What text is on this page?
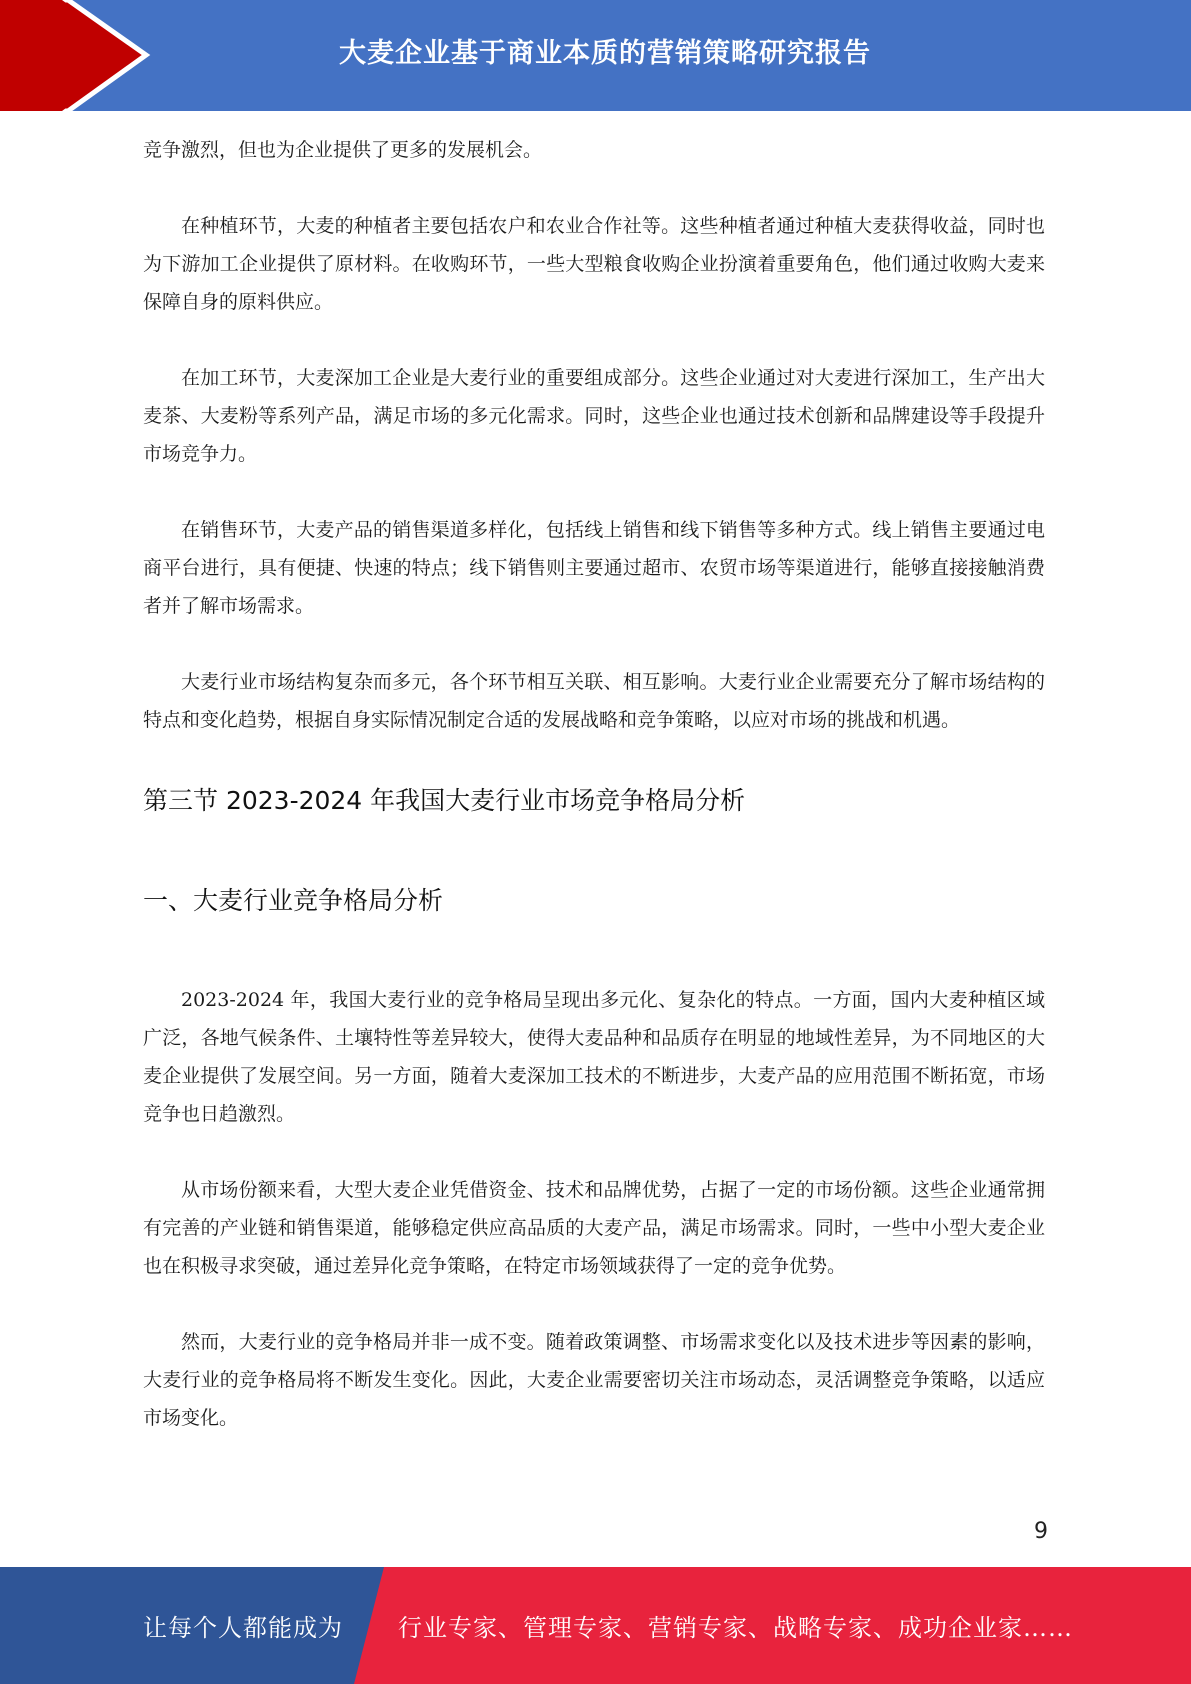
大麦企业基于商业本质的营销策略研究报告

竞争激烈，但也为企业提供了更多的发展机会。

在种植环节，大麦的种植者主要包括农户和农业合作社等。这些种植者通过种植大麦获得收益，同时也为下游加工企业提供了原材料。在收购环节，一些大型粮食收购企业扮演着重要角色，他们通过收购大麦来保障自身的原料供应。

在加工环节，大麦深加工企业是大麦行业的重要组成部分。这些企业通过对大麦进行深加工，生产出大麦茶、大麦粉等系列产品，满足市场的多元化需求。同时，这些企业也通过技术创新和品牌建设等手段提升市场竞争力。

在销售环节，大麦产品的销售渠道多样化，包括线上销售和线下销售等多种方式。线上销售主要通过电商平台进行，具有便捷、快速的特点；线下销售则主要通过超市、农贸市场等渠道进行，能够直接接触消费者并了解市场需求。

大麦行业市场结构复杂而多元，各个环节相互关联、相互影响。大麦行业企业需要充分了解市场结构的特点和变化趋势，根据自身实际情况制定合适的发展战略和竞争策略，以应对市场的挑战和机遇。

第三节 2023-2024 年我国大麦行业市场竞争格局分析
一、大麦行业竞争格局分析

2023-2024 年，我国大麦行业的竞争格局呈现出多元化、复杂化的特点。一方面，国内大麦种植区域广泛，各地气候条件、土壤特性等差异较大，使得大麦品种和品质存在明显的地域性差异，为不同地区的大麦企业提供了发展空间。另一方面，随着大麦深加工技术的不断进步，大麦产品的应用范围不断拓宽，市场竞争也日趋激烈。

从市场份额来看，大型大麦企业凭借资金、技术和品牌优势，占据了一定的市场份额。这些企业通常拥有完善的产业链和销售渠道，能够稳定供应高品质的大麦产品，满足市场需求。同时，一些中小型大麦企业也在积极寻求突破，通过差异化竞争策略，在特定市场领域获得了一定的竞争优势。

然而，大麦行业的竞争格局并非一成不变。随着政策调整、市场需求变化以及技术进步等因素的影响，大麦行业的竞争格局将不断发生变化。因此，大麦企业需要密切关注市场动态，灵活调整竞争策略，以适应市场变化。

9
让每个人都能成为 行业专家、管理专家、营销专家、战略专家、成功企业家……
